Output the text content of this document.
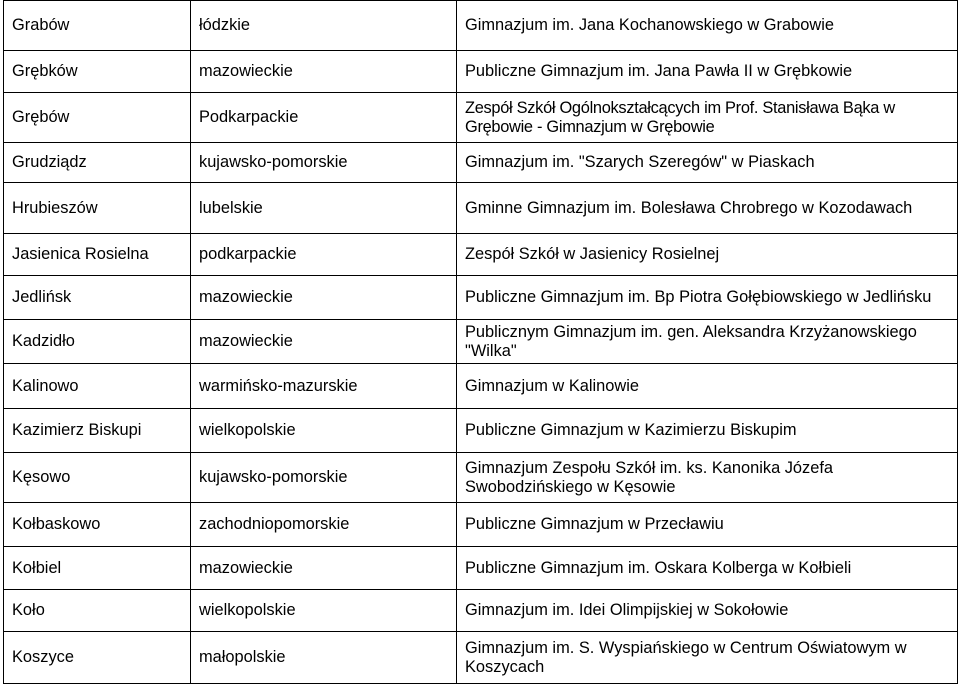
Grabów	łódzkie	Gimnazjum im. Jana Kochanowskiego w Grabowie
Grębków	mazowieckie	Publiczne Gimnazjum im. Jana Pawła II w Grębkowie
Grębów	Podkarpackie	Zespół Szkół Ogólnokształcących im Prof. Stanisława Bąka w Grębowie - Gimnazjum w Grębowie
Grudziądz	kujawsko-pomorskie	Gimnazjum im. "Szarych Szeregów" w Piaskach
Hrubieszów	lubelskie	Gminne Gimnazjum im. Bolesława Chrobrego w Kozodawach
Jasienica Rosielna	podkarpackie	Zespół Szkół w Jasienicy Rosielnej
Jedlińsk	mazowieckie	Publiczne Gimnazjum im. Bp Piotra Gołębiowskiego w Jedlińsku
Kadzidło	mazowieckie	Publicznym Gimnazjum im. gen. Aleksandra Krzyżanowskiego "Wilka"
Kalinowo	warmińsko-mazurskie	Gimnazjum w Kalinowie
Kazimierz Biskupi	wielkopolskie	Publiczne Gimnazjum w Kazimierzu Biskupim
Kęsowo	kujawsko-pomorskie	Gimnazjum Zespołu Szkół im. ks. Kanonika Józefa Swobodzińskiego w Kęsowie
Kołbaskowo	zachodniopomorskie	Publiczne Gimnazjum w Przecławiu
Kołbiel	mazowieckie	Publiczne Gimnazjum im. Oskara Kolberga w Kołbieli
Koło	wielkopolskie	Gimnazjum im. Idei Olimpijskiej w Sokołowie
Koszyce	małopolskie	Gimnazjum im. S. Wyspiańskiego w Centrum Oświatowym w Koszycach
